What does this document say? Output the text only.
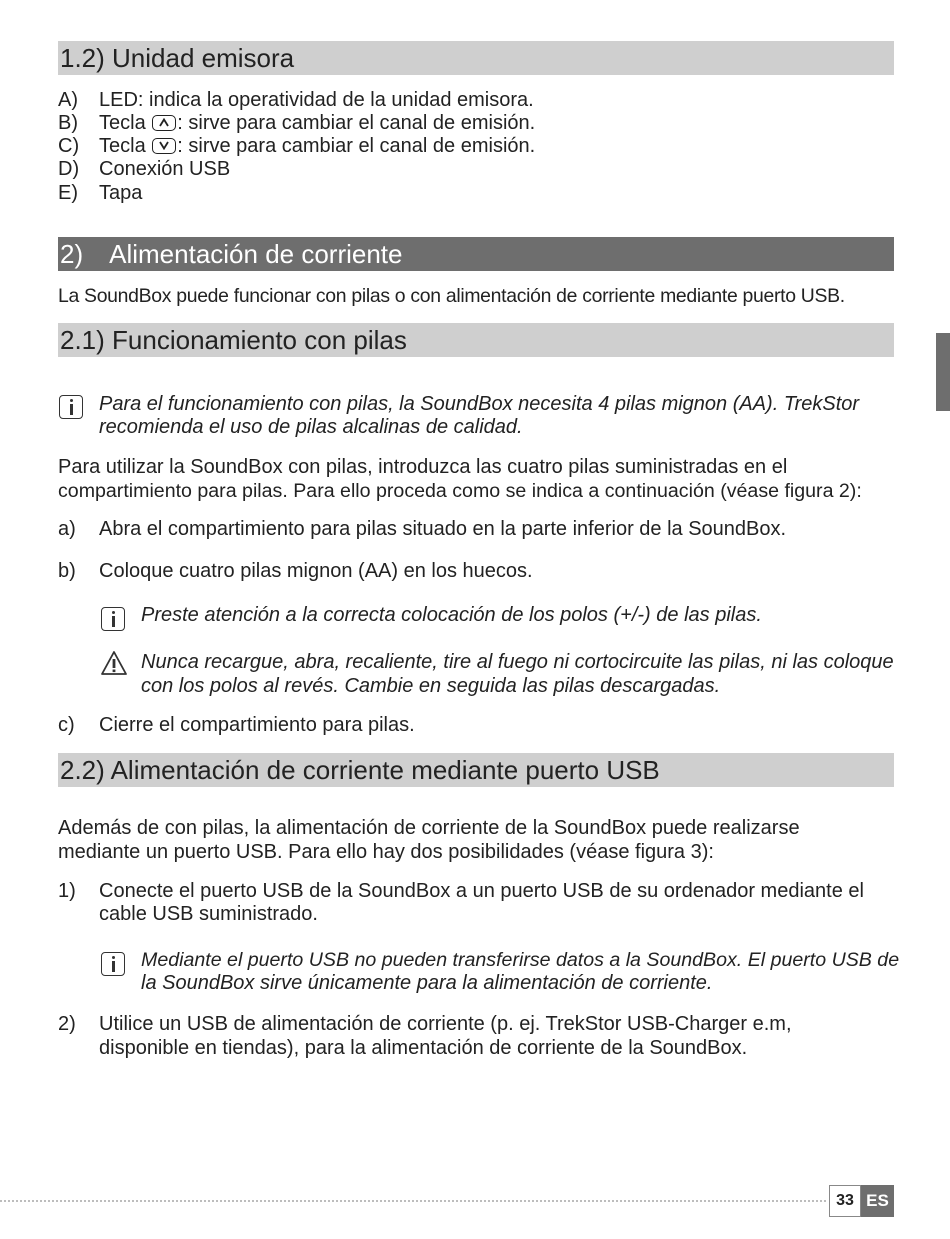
1.2) Unidad emisora
A) LED: indica la operatividad de la unidad emisora.
B) Tecla : sirve para cambiar el canal de emisión.
C) Tecla : sirve para cambiar el canal de emisión.
D) Conexión USB
E) Tapa
2)  Alimentación de corriente
La SoundBox puede funcionar con pilas o con alimentación de corriente mediante puerto USB.
2.1) Funcionamiento con pilas
Para el funcionamiento con pilas, la SoundBox necesita 4 pilas mignon (AA). TrekStor
recomienda el uso de pilas alcalinas de calidad.
Para utilizar la SoundBox con pilas, introduzca las cuatro pilas suministradas en el
compartimiento para pilas. Para ello proceda como se indica a continuación (véase figura 2):
a) Abra el compartimiento para pilas situado en la parte inferior de la SoundBox.
b) Coloque cuatro pilas mignon (AA) en los huecos.
Preste atención a la correcta colocación de los polos (+/-) de las pilas.
Nunca recargue, abra, recaliente, tire al fuego ni cortocircuite las pilas, ni las coloque
con los polos al revés. Cambie en seguida las pilas descargadas.
c) Cierre el compartimiento para pilas.
2.2) Alimentación de corriente mediante puerto USB
Además de con pilas, la alimentación de corriente de la SoundBox puede realizarse
mediante un puerto USB. Para ello hay dos posibilidades (véase figura 3):
1) Conecte el puerto USB de la SoundBox a un puerto USB de su ordenador mediante el
cable USB suministrado.
Mediante el puerto USB no pueden transferirse datos a la SoundBox. El puerto USB de
la SoundBox sirve únicamente para la alimentación de corriente.
2) Utilice un USB de alimentación de corriente (p. ej. TrekStor USB-Charger e.m,
disponible en tiendas), para la alimentación de corriente de la SoundBox.
33 ES
